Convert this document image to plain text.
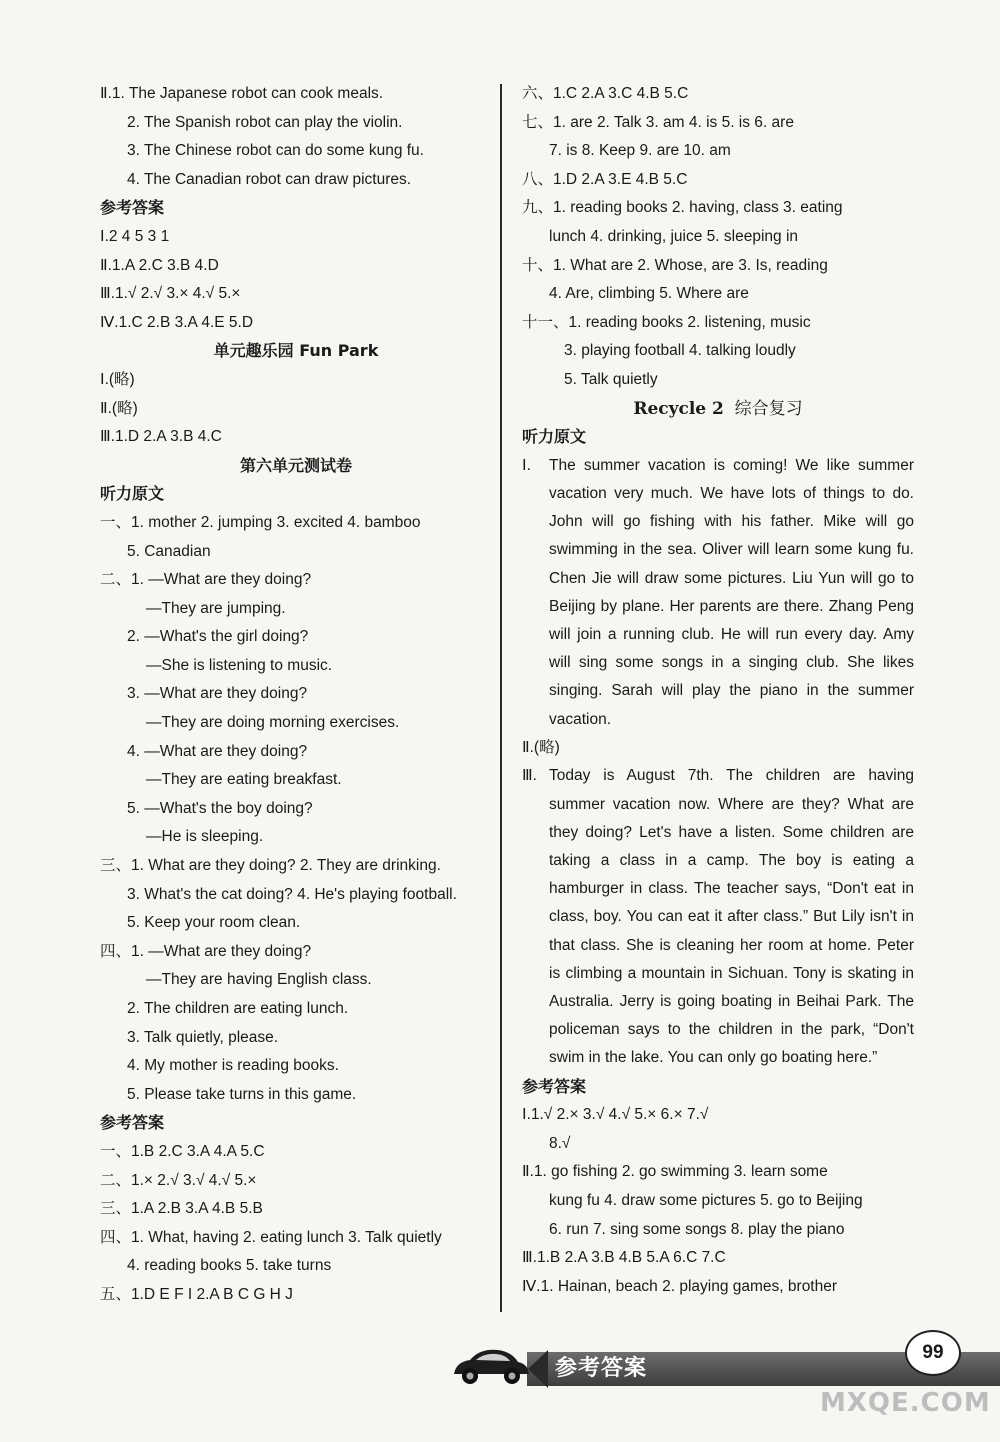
Ⅱ.1. The Japanese robot can cook meals.
2. The Spanish robot can play the violin.
3. The Chinese robot can do some kung fu.
4. The Canadian robot can draw pictures.
参考答案
Ⅰ.2 4 5 3 1
Ⅱ.1.A 2.C 3.B 4.D
Ⅲ.1.√ 2.√ 3.× 4.√ 5.×
Ⅳ.1.C 2.B 3.A 4.E 5.D
单元趣乐园 Fun Park
Ⅰ.(略)
Ⅱ.(略)
Ⅲ.1.D 2.A 3.B 4.C
第六单元测试卷
听力原文
一、1. mother 2. jumping 3. excited 4. bamboo
5. Canadian
二、1. —What are they doing?
—They are jumping.
2. —What's the girl doing?
—She is listening to music.
3. —What are they doing?
—They are doing morning exercises.
4. —What are they doing?
—They are eating breakfast.
5. —What's the boy doing?
—He is sleeping.
三、1. What are they doing? 2. They are drinking.
3. What's the cat doing? 4. He's playing football.
5. Keep your room clean.
四、1. —What are they doing?
—They are having English class.
2. The children are eating lunch.
3. Talk quietly, please.
4. My mother is reading books.
5. Please take turns in this game.
参考答案
一、1.B 2.C 3.A 4.A 5.C
二、1.× 2.√ 3.√ 4.√ 5.×
三、1.A 2.B 3.A 4.B 5.B
四、1. What, having 2. eating lunch 3. Talk quietly
4. reading books 5. take turns
五、1.D E F I 2.A B C G H J
六、1.C 2.A 3.C 4.B 5.C
七、1. are 2. Talk 3. am 4. is 5. is 6. are
7. is 8. Keep 9. are 10. am
八、1.D 2.A 3.E 4.B 5.C
九、1. reading books 2. having, class 3. eating
lunch 4. drinking, juice 5. sleeping in
十、1. What are 2. Whose, are 3. Is, reading
4. Are, climbing 5. Where are
十一、1. reading books 2. listening, music
3. playing football 4. talking loudly
5. Talk quietly
Recycle 2 综合复习
听力原文
Ⅰ. The summer vacation is coming! We like summer vacation very much. We have lots of things to do. John will go fishing with his father. Mike will go swimming in the sea. Oliver will learn some kung fu. Chen Jie will draw some pictures. Liu Yun will go to Beijing by plane. Her parents are there. Zhang Peng will join a running club. He will run every day. Amy will sing some songs in a singing club. She likes singing. Sarah will play the piano in the summer vacation.
Ⅱ.(略)
Ⅲ. Today is August 7th. The children are having summer vacation now. Where are they? What are they doing? Let's have a listen. Some children are taking a class in a camp. The boy is eating a hamburger in class. The teacher says, “Don't eat in class, boy. You can eat it after class.” But Lily isn't in that class. She is cleaning her room at home. Peter is climbing a mountain in Sichuan. Tony is skating in Australia. Jerry is going boating in Beihai Park. The policeman says to the children in the park, “Don't swim in the lake. You can only go boating here.”
参考答案
Ⅰ.1.√ 2.× 3.√ 4.√ 5.× 6.× 7.√
8.√
Ⅱ.1. go fishing 2. go swimming 3. learn some
kung fu 4. draw some pictures 5. go to Beijing
6. run 7. sing some songs 8. play the piano
Ⅲ.1.B 2.A 3.B 4.B 5.A 6.C 7.C
Ⅳ.1. Hainan, beach 2. playing games, brother
参考答案
99
MXQE.COM
